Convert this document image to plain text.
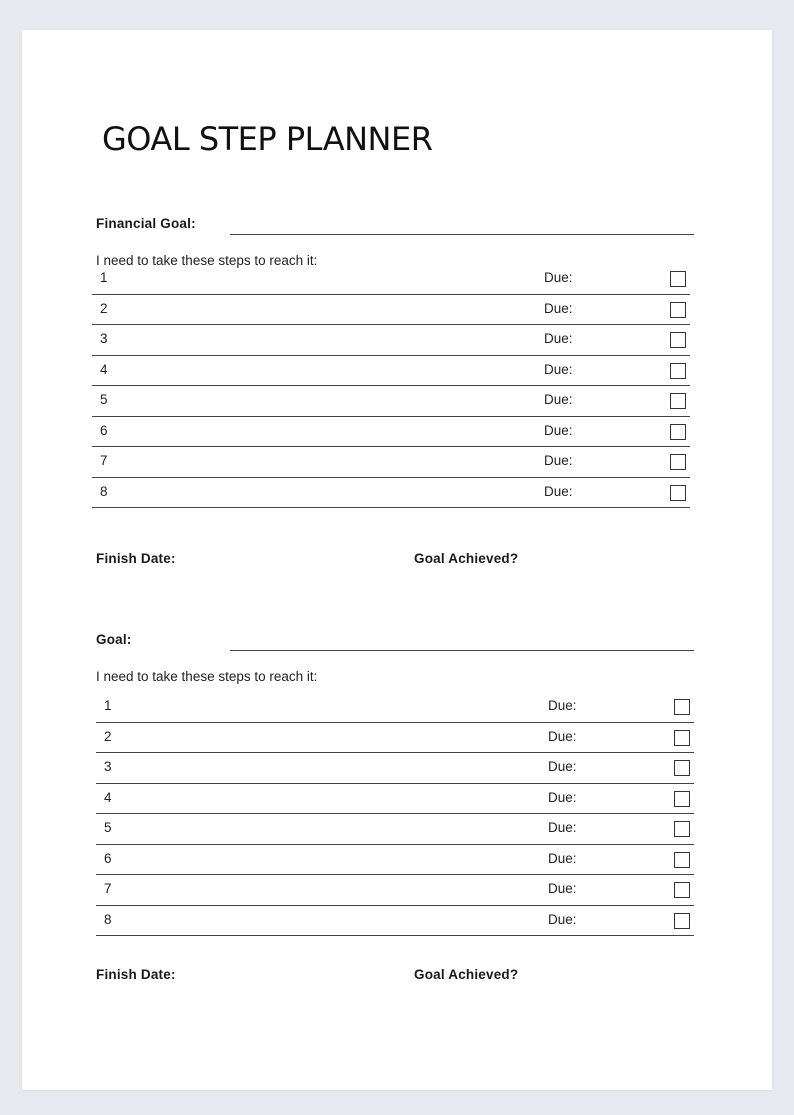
GOAL STEP PLANNER
Financial Goal:
I need to take these steps to reach it:
1	Due:
2	Due:
3	Due:
4	Due:
5	Due:
6	Due:
7	Due:
8	Due:
Finish Date:	Goal Achieved?
Goal:
I need to take these steps to reach it:
1	Due:
2	Due:
3	Due:
4	Due:
5	Due:
6	Due:
7	Due:
8	Due:
Finish Date:	Goal Achieved?
